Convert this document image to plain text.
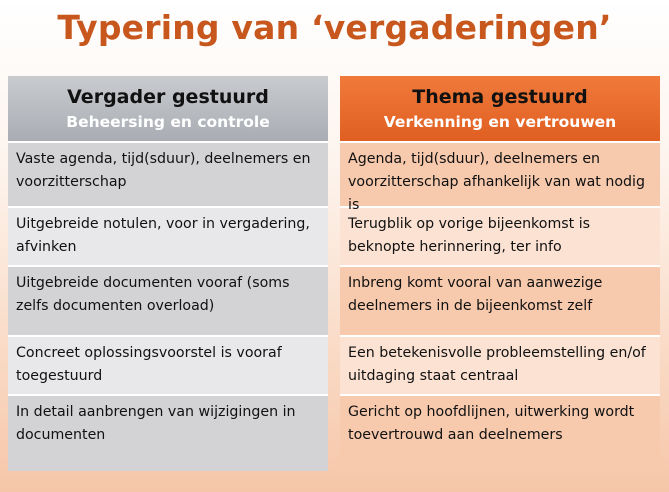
Typering van ‘vergaderingen’
Vergader gestuurd
Beheersing en controle
Vaste agenda, tijd(sduur), deelnemers en voorzitterschap
Uitgebreide notulen, voor in vergadering, afvinken
Uitgebreide documenten vooraf (soms zelfs documenten overload)
Concreet oplossingsvoorstel is vooraf toegestuurd
In detail aanbrengen van wijzigingen in documenten
Thema gestuurd
Verkenning en vertrouwen
Agenda, tijd(sduur), deelnemers en voorzitterschap afhankelijk van wat nodig is
Terugblik op vorige bijeenkomst is beknopte herinnering, ter info
Inbreng komt vooral van aanwezige deelnemers in de bijeenkomst zelf
Een betekenisvolle probleemstelling en/of uitdaging staat centraal
Gericht op hoofdlijnen, uitwerking wordt toevertrouwd aan deelnemers
